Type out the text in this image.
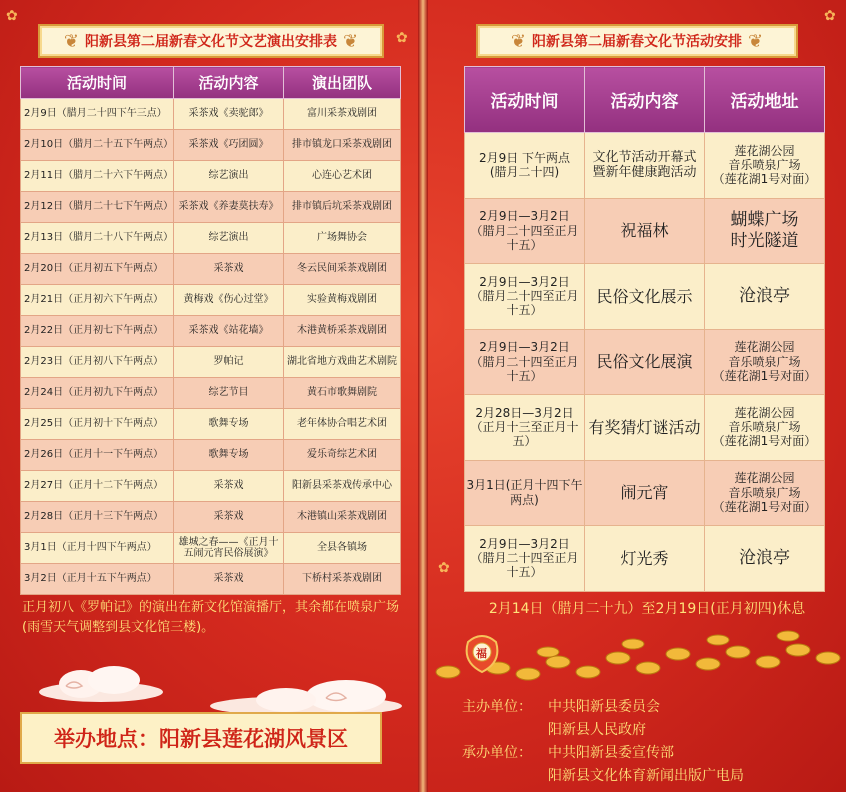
✿
✿
❦ 阳新县第二届新春文化节文艺演出安排表 ❦
活动时间	活动内容	演出团队
2月9日（腊月二十四下午三点）	采茶戏《卖驼郎》	富川采茶戏剧团
2月10日（腊月二十五下午两点）	采茶戏《巧团圆》	排市镇龙口采茶戏剧团
2月11日（腊月二十六下午两点）	综艺演出	心连心艺术团
2月12日（腊月二十七下午两点）	采茶戏《养妻莫扶寿》	排市镇后坑采茶戏剧团
2月13日（腊月二十八下午两点）	综艺演出	广场舞协会
2月20日（正月初五下午两点）	采茶戏	冬云民间采茶戏剧团
2月21日（正月初六下午两点）	黄梅戏《伤心过堂》	实验黄梅戏剧团
2月22日（正月初七下午两点）	采茶戏《站花墙》	木港黄桥采茶戏剧团
2月23日（正月初八下午两点）	罗帕记	湖北省地方戏曲艺术剧院
2月24日（正月初九下午两点）	综艺节目	黄石市歌舞剧院
2月25日（正月初十下午两点）	歌舞专场	老年体协合唱艺术团
2月26日（正月十一下午两点）	歌舞专场	爱乐奇综艺术团
2月27日（正月十二下午两点）	采茶戏	阳新县采茶戏传承中心
2月28日（正月十三下午两点）	采茶戏	木港镇山采茶戏剧团
3月1日（正月十四下午两点）	雄城之春——《正月十五闹元宵民俗展演》	全县各镇场
3月2日（正月十五下午两点）	采茶戏	下桥村采茶戏剧团
正月初八《罗帕记》的演出在新文化馆演播厅，其余都在喷泉广场(雨雪天气调整到县文化馆三楼)。
举办地点：阳新县莲花湖风景区
✿
✿
❦ 阳新县第二届新春文化节活动安排 ❦
活动时间	活动内容	活动地址

2月9日 下午两点
(腊月二十四)	文化节活动开幕式
暨新年健康跑活动	莲花湖公园
音乐喷泉广场
（莲花湖1号对面）

2月9日—3月2日
（腊月二十四至正月十五）	祝福林	蝴蝶广场
时光隧道

2月9日—3月2日
（腊月二十四至正月十五）	民俗文化展示	沧浪亭

2月9日—3月2日
（腊月二十四至正月十五）	民俗文化展演	莲花湖公园
音乐喷泉广场
（莲花湖1号对面）

2月28日—3月2日
（正月十三至正月十五）	有奖猜灯谜活动	莲花湖公园
音乐喷泉广场
（莲花湖1号对面）

3月1日(正月十四下午两点)	闹元宵	莲花湖公园
音乐喷泉广场
（莲花湖1号对面）

2月9日—3月2日
（腊月二十四至正月十五）	灯光秀	沧浪亭
2月14日（腊月二十九）至2月19日(正月初四)休息
福
主办单位： 中共阳新县委员会
阳新县人民政府
承办单位： 中共阳新县委宣传部
阳新县文化体育新闻出版广电局
